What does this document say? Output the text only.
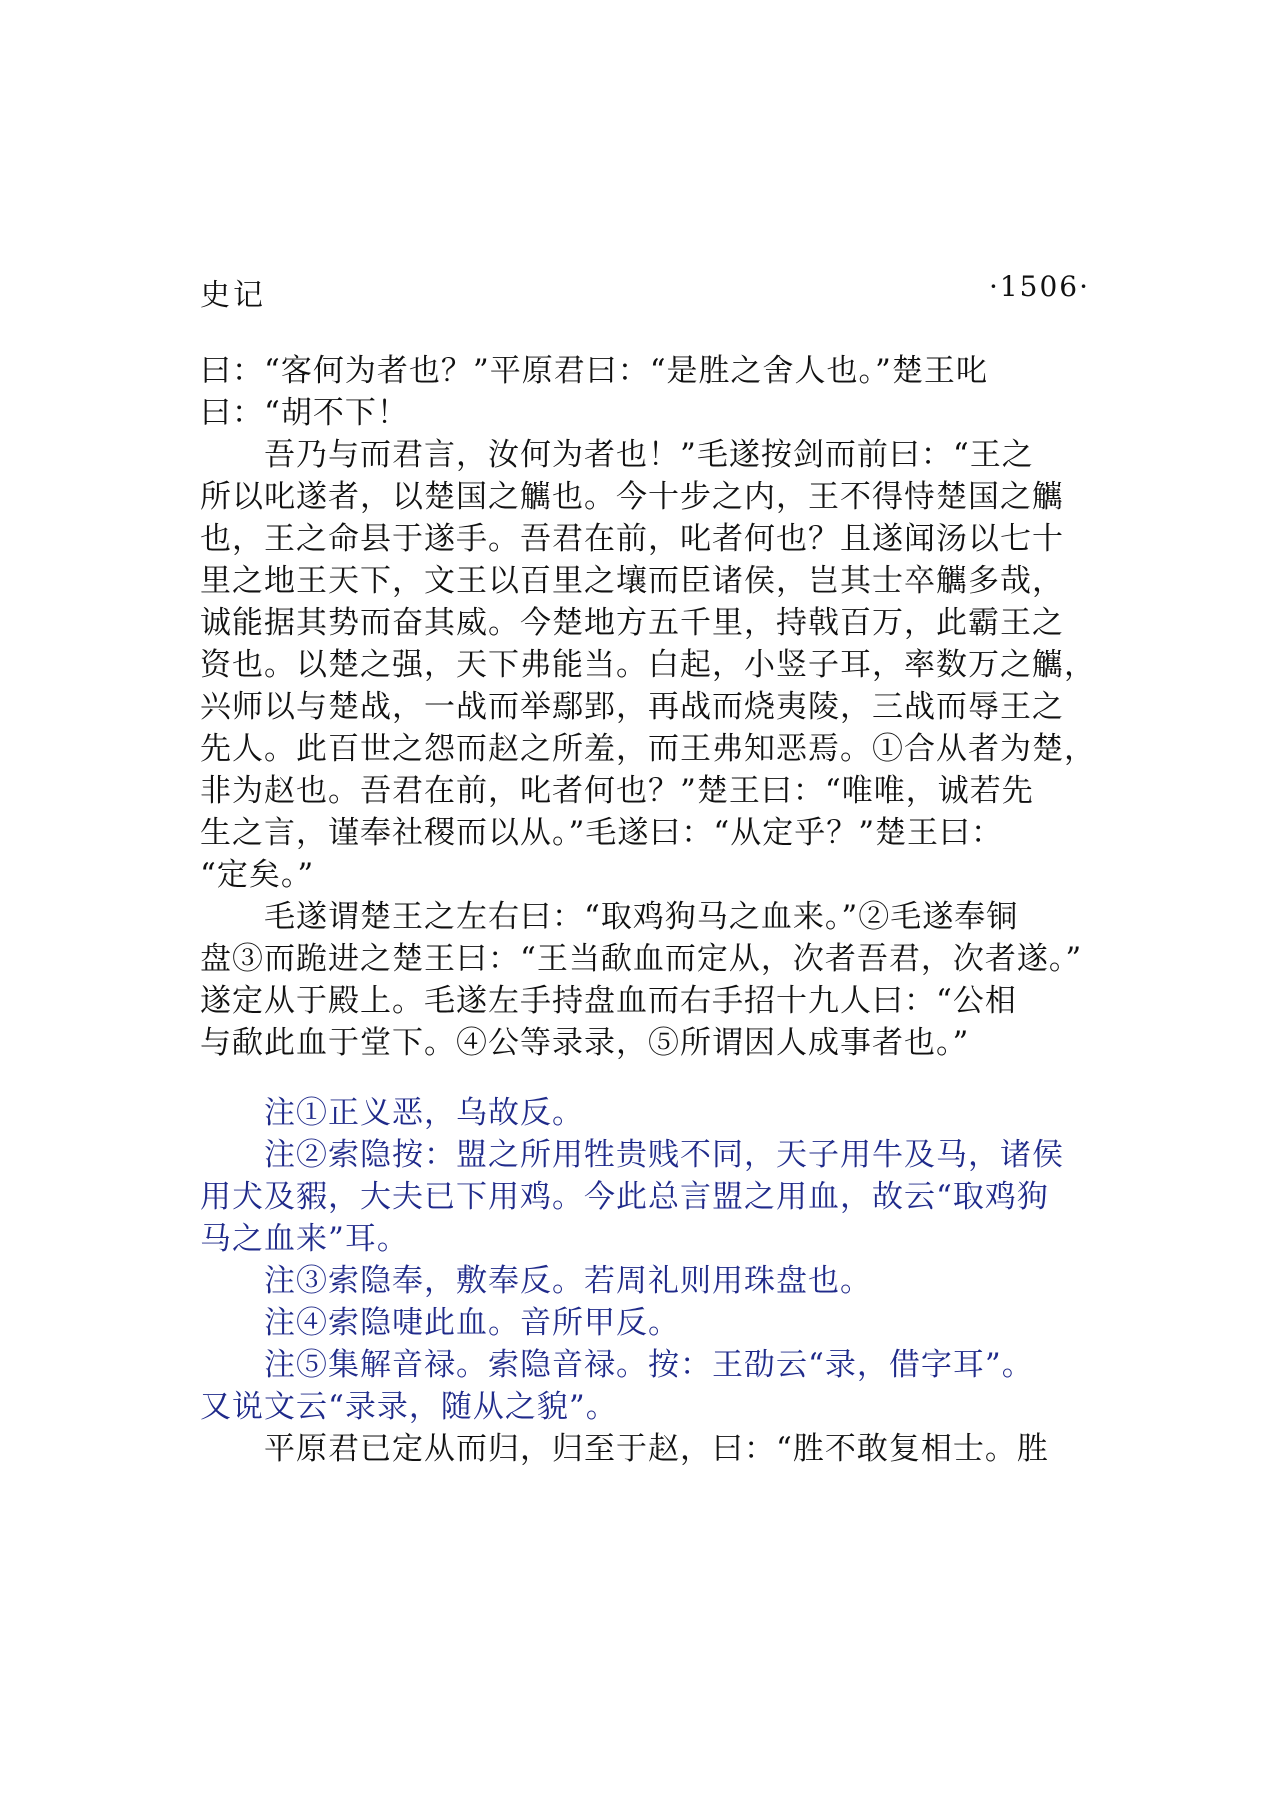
史记	·1506·
曰：“客何为者也？”平原君曰：“是胜之舍人也。”楚王叱
曰：“胡不下！
吾乃与而君言，汝何为者也！”毛遂按剑而前曰：“王之
所以叱遂者，以楚国之觽也。今十步之内，王不得恃楚国之觽
也，王之命县于遂手。吾君在前，叱者何也？且遂闻汤以七十
里之地王天下，文王以百里之壤而臣诸侯，岂其士卒觽多哉，
诚能据其势而奋其威。今楚地方五千里，持戟百万，此霸王之
资也。以楚之强，天下弗能当。白起，小竖子耳，率数万之觽，
兴师以与楚战，一战而举鄢郢，再战而烧夷陵，三战而辱王之
先人。此百世之怨而赵之所羞，而王弗知恶焉。①合从者为楚，
非为赵也。吾君在前，叱者何也？”楚王曰：“唯唯，诚若先
生之言，谨奉社稷而以从。”毛遂曰：“从定乎？”楚王曰：
“定矣。”
毛遂谓楚王之左右曰：“取鸡狗马之血来。”②毛遂奉铜
盘③而跪进之楚王曰：“王当歃血而定从，次者吾君，次者遂。”
遂定从于殿上。毛遂左手持盘血而右手招十九人曰：“公相
与歃此血于堂下。④公等录录，⑤所谓因人成事者也。”
注①正义恶，乌故反。
注②索隐按：盟之所用牲贵贱不同，天子用牛及马，诸侯
用犬及豭，大夫已下用鸡。今此总言盟之用血，故云“取鸡狗
马之血来”耳。
注③索隐奉，敷奉反。若周礼则用珠盘也。
注④索隐啑此血。音所甲反。
注⑤集解音禄。索隐音禄。按：王劭云“录，借字耳”。
又说文云“录录，随从之貌”。
平原君已定从而归，归至于赵，曰：“胜不敢复相士。胜
